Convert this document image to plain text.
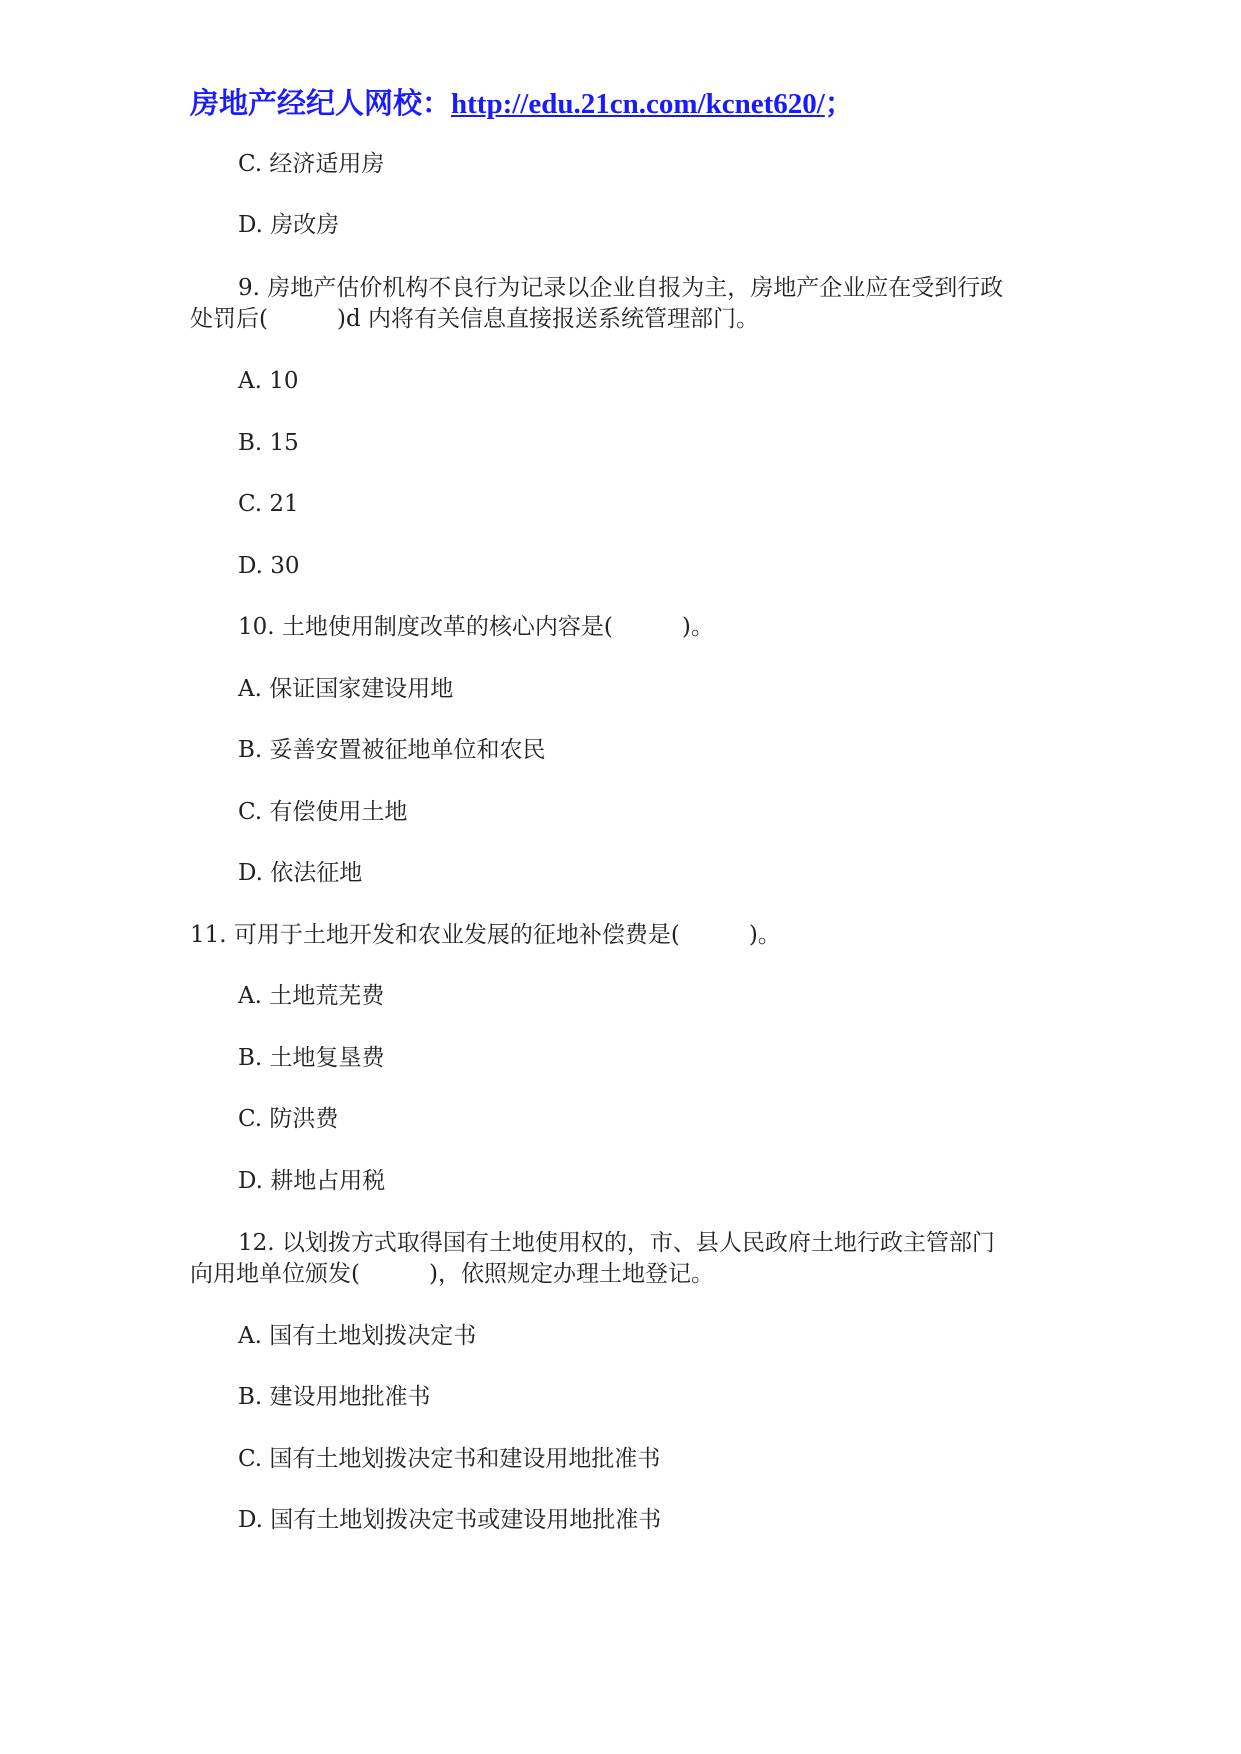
房地产经纪人网校：http://edu.21cn.com/kcnet620/；
C. 经济适用房
D. 房改房
9. 房地产估价机构不良行为记录以企业自报为主，房地产企业应在受到行政
处罚后(　　　)d 内将有关信息直接报送系统管理部门。
A. 10
B. 15
C. 21
D. 30
10. 土地使用制度改革的核心内容是(　　　)。
A. 保证国家建设用地
B. 妥善安置被征地单位和农民
C. 有偿使用土地
D. 依法征地
11. 可用于土地开发和农业发展的征地补偿费是(　　　)。
A. 土地荒芜费
B. 土地复垦费
C. 防洪费
D. 耕地占用税
12. 以划拨方式取得国有土地使用权的，市、县人民政府土地行政主管部门
向用地单位颁发(　　　)，依照规定办理土地登记。
A. 国有土地划拨决定书
B. 建设用地批准书
C. 国有土地划拨决定书和建设用地批准书
D. 国有土地划拨决定书或建设用地批准书
